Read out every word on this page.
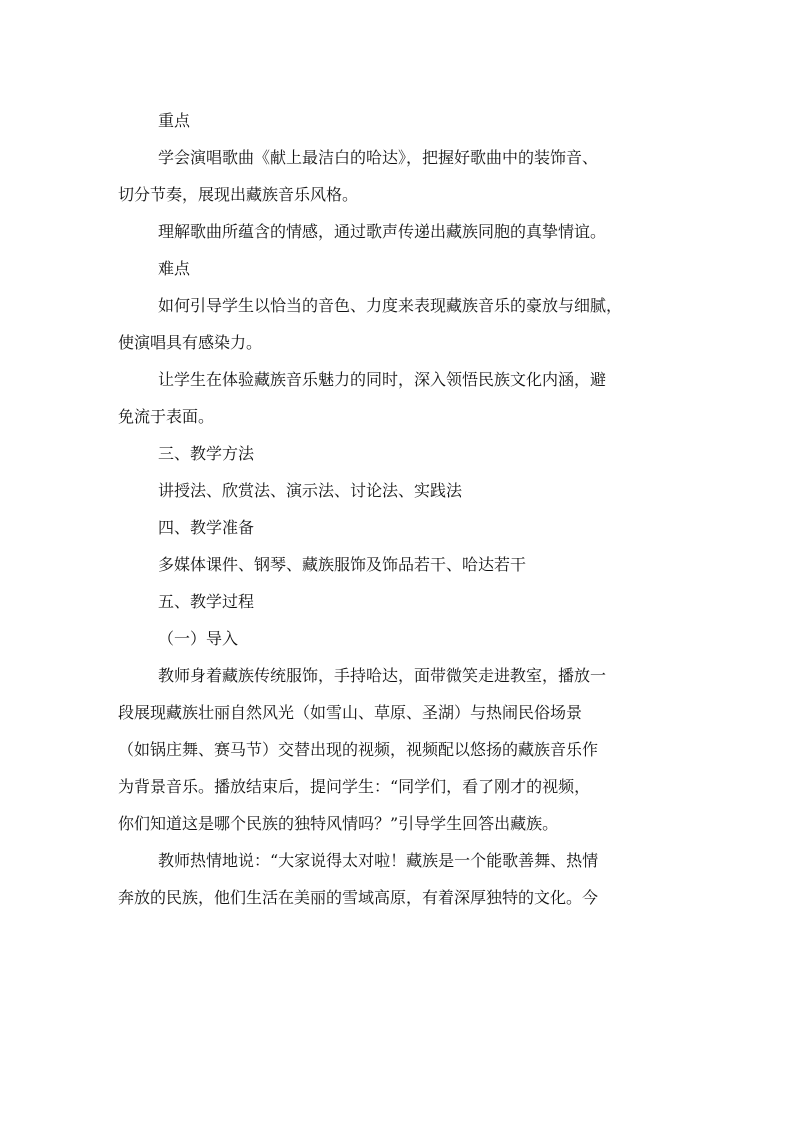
重点
学会演唱歌曲《献上最洁白的哈达》，把握好歌曲中的装饰音、
切分节奏，展现出藏族音乐风格。
理解歌曲所蕴含的情感，通过歌声传递出藏族同胞的真挚情谊。
难点
如何引导学生以恰当的音色、力度来表现藏族音乐的豪放与细腻，
使演唱具有感染力。
让学生在体验藏族音乐魅力的同时，深入领悟民族文化内涵，避
免流于表面。
三、教学方法
讲授法、欣赏法、演示法、讨论法、实践法
四、教学准备
多媒体课件、钢琴、藏族服饰及饰品若干、哈达若干
五、教学过程
（一）导入
教师身着藏族传统服饰，手持哈达，面带微笑走进教室，播放一
段展现藏族壮丽自然风光（如雪山、草原、圣湖）与热闹民俗场景
（如锅庄舞、赛马节）交替出现的视频，视频配以悠扬的藏族音乐作
为背景音乐。播放结束后，提问学生：“同学们，看了刚才的视频，
你们知道这是哪个民族的独特风情吗？”引导学生回答出藏族。
教师热情地说：“大家说得太对啦！藏族是一个能歌善舞、热情
奔放的民族，他们生活在美丽的雪域高原，有着深厚独特的文化。今
